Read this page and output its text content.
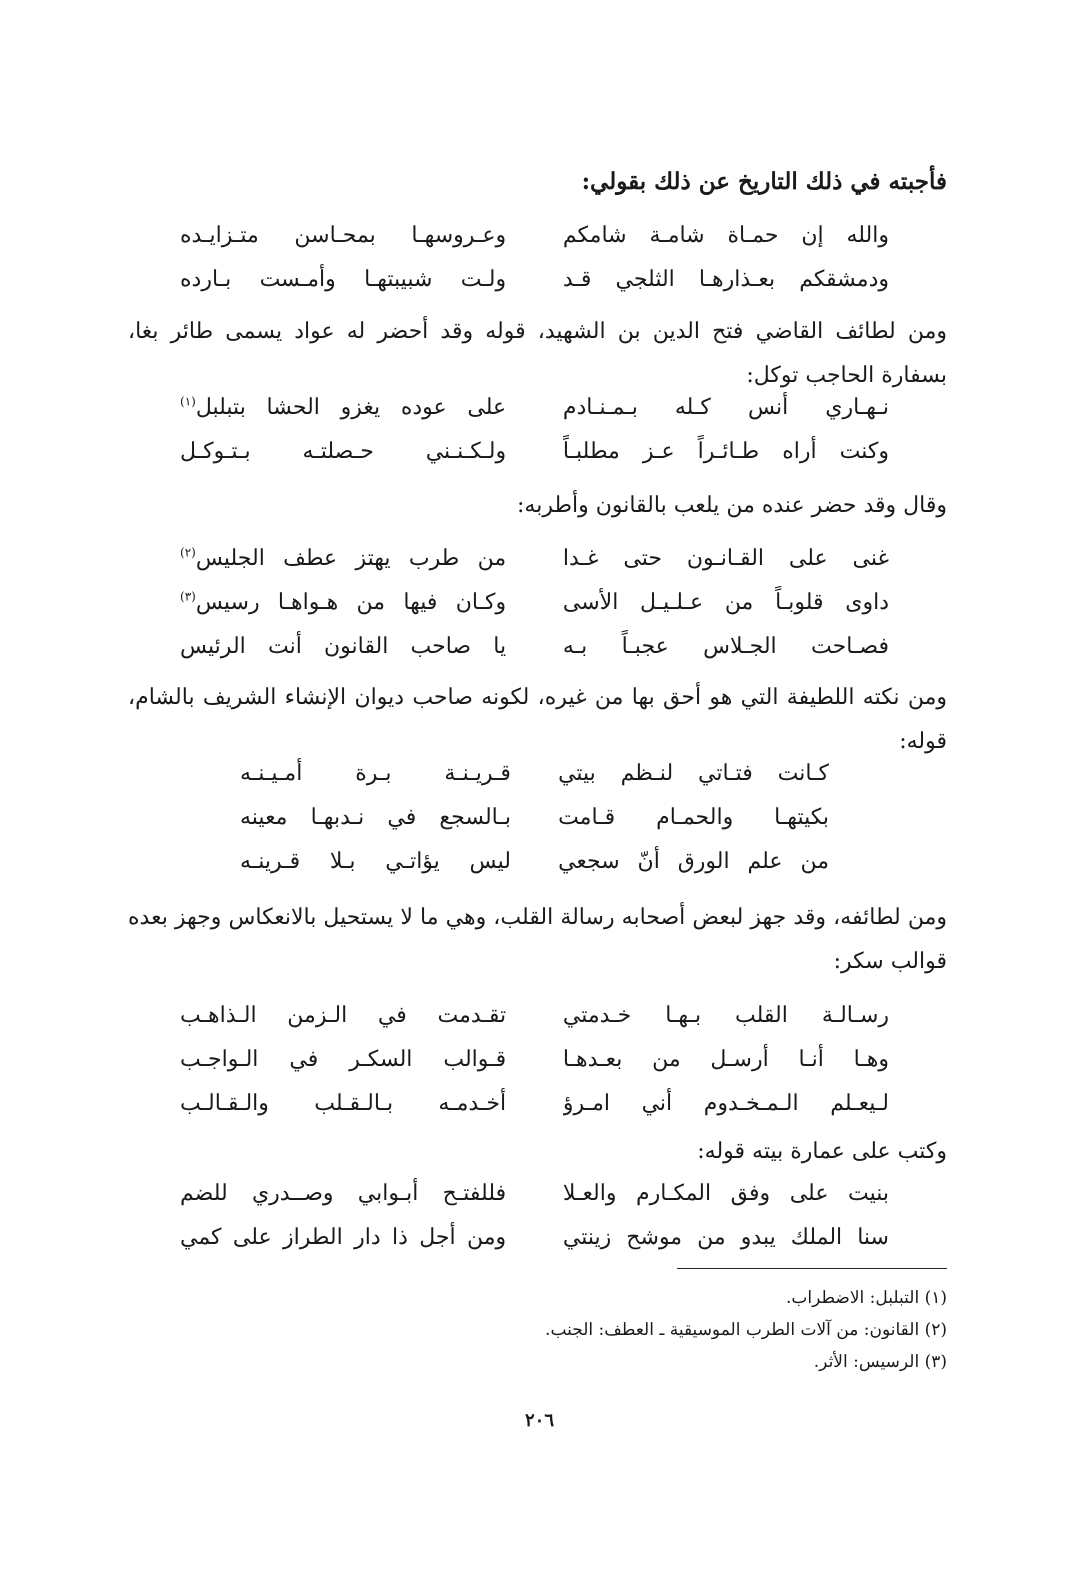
فأجبته في ذلك التاريخ عن ذلك بقولي:

والله إن حمـاة شامـة شامكم
وعـروسهـا بمحـاسن متـزايـده
ودمشقكم بعـذارهـا الثلجي قـد
ولـت شبيبتهـا وأمـست بـارده

ومن لطائف القاضي فتح الدين بن الشهيد، قوله وقد أحضر له عواد يسمى طائر بغا، بسفارة الحاجب توكل:

نـهـاري أنس كـله بـمـنـادم
على عوده يغزو الحشا بتبلبل$^{(١)}$
وكنت أراه طـائـراً عـز مطلبـاً
ولـكـنـني حـصلتـه بـتـوكـل

وقال وقد حضر عنده من يلعب بالقانون وأطربه:

غنى على القـانـون حتى غـدا
من طرب يهتز عطف الجليس$^{(٢)}$
داوى قلوبـاً من عـلـيـل الأسى
وكـان فيها من هـواهـا رسيس$^{(٣)}$
فصـاحت الجـلاس عجبـاً بـه
يا صاحب القانون أنت الرئيس

ومن نكته اللطيفة التي هو أحق بها من غيره، لكونه صاحب ديوان الإنشاء الشريف بالشام، قوله:

كـانت فتـاتي لنـظم بيتي
قـريـنـة بـرة أمـيـنـه
بكيتهـا والحمـام قـامت
بـالسجع في نـدبهـا معينه
من علم الورق أنّ سجعي
ليس يؤاتـي بـلا قـرينـه

ومن لطائفه، وقد جهز لبعض أصحابه رسالة القلب، وهي ما لا يستحيل بالانعكاس وجهز بعده قوالب سكر:

رسـالـة القلب بـهـا خـدمتي
تقـدمت في الـزمن الـذاهـب
وهـا أنـا أرسـل من بعـدهـا
قـوالب السكـر في الـواجـب
لـيعـلم الـمـخـدوم أني امـرؤ
أخـدمـه بـالـقـلب والـقـالـب

وكتب على عمارة بيته قوله:

بنيت على وفق المكـارم والعـلا
فللفتـح أبـوابي وصــدري للضم
سنا الملك يبدو من موشح زينتي
ومن أجل ذا دار الطراز على كمي

(١) التبلبل: الاضطراب.

(٢) القانون: من آلات الطرب الموسيقية ـ العطف: الجنب.

(٣) الرسيس: الأثر.

٢٠٦
